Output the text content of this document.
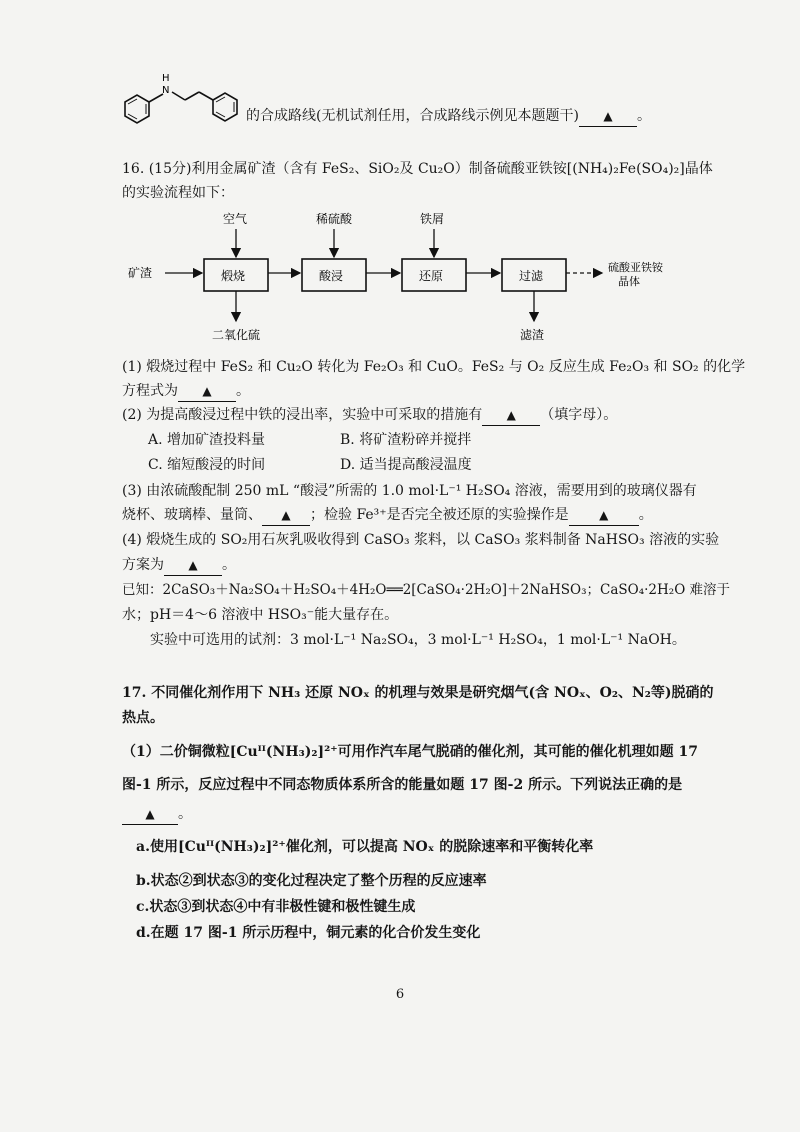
H
N
的合成路线(无机试剂任用，合成路线示例见本题题干) ▲ 。
16. (15分)利用金属矿渣（含有 FeS₂、SiO₂及 Cu₂O）制备硫酸亚铁铵[(NH₄)₂Fe(SO₄)₂]晶体
的实验流程如下：
矿渣	煅烧	酸浸	还原	过滤
硫酸亚铁铵
晶体
空气	稀硫酸	铁屑
二氧化硫	滤渣
(1) 煅烧过程中 FeS₂ 和 Cu₂O 转化为 Fe₂O₃ 和 CuO。FeS₂ 与 O₂ 反应生成 Fe₂O₃ 和 SO₂ 的化学
方程式为 ▲ 。
(2) 为提高酸浸过程中铁的浸出率，实验中可采取的措施有 ▲ （填字母）。
A. 增加矿渣投料量	B. 将矿渣粉碎并搅拌
C. 缩短酸浸的时间	D. 适当提高酸浸温度
(3) 由浓硫酸配制 250 mL “酸浸”所需的 1.0 mol·L⁻¹ H₂SO₄ 溶液，需要用到的玻璃仪器有
烧杯、玻璃棒、量筒、 ▲ ；检验 Fe³⁺是否完全被还原的实验操作是	▲ 。
(4) 煅烧生成的 SO₂用石灰乳吸收得到 CaSO₃ 浆料，以 CaSO₃ 浆料制备 NaHSO₃ 溶液的实验
方案为 ▲ 。
已知：2CaSO₃＋Na₂SO₄＋H₂SO₄＋4H₂O══2[CaSO₄·2H₂O]＋2NaHSO₃；CaSO₄·2H₂O 难溶于
水；pH＝4～6 溶液中 HSO₃⁻能大量存在。
实验中可选用的试剂：3 mol·L⁻¹ Na₂SO₄，3 mol·L⁻¹ H₂SO₄，1 mol·L⁻¹ NaOH。
17. 不同催化剂作用下 NH₃ 还原 NOₓ 的机理与效果是研究烟气(含 NOₓ、O₂、N₂等)脱硝的
热点。
（1）二价铜微粒[Cuᴵᴵ(NH₃)₂]²⁺可用作汽车尾气脱硝的催化剂，其可能的催化机理如题 17
图-1 所示，反应过程中不同态物质体系所含的能量如题 17 图-2 所示。下列说法正确的是
▲ 。
a.使用[Cuᴵᴵ(NH₃)₂]²⁺催化剂，可以提高 NOₓ 的脱除速率和平衡转化率
b.状态②到状态③的变化过程决定了整个历程的反应速率
c.状态③到状态④中有非极性键和极性键生成
d.在题 17 图-1 所示历程中，铜元素的化合价发生变化
6
